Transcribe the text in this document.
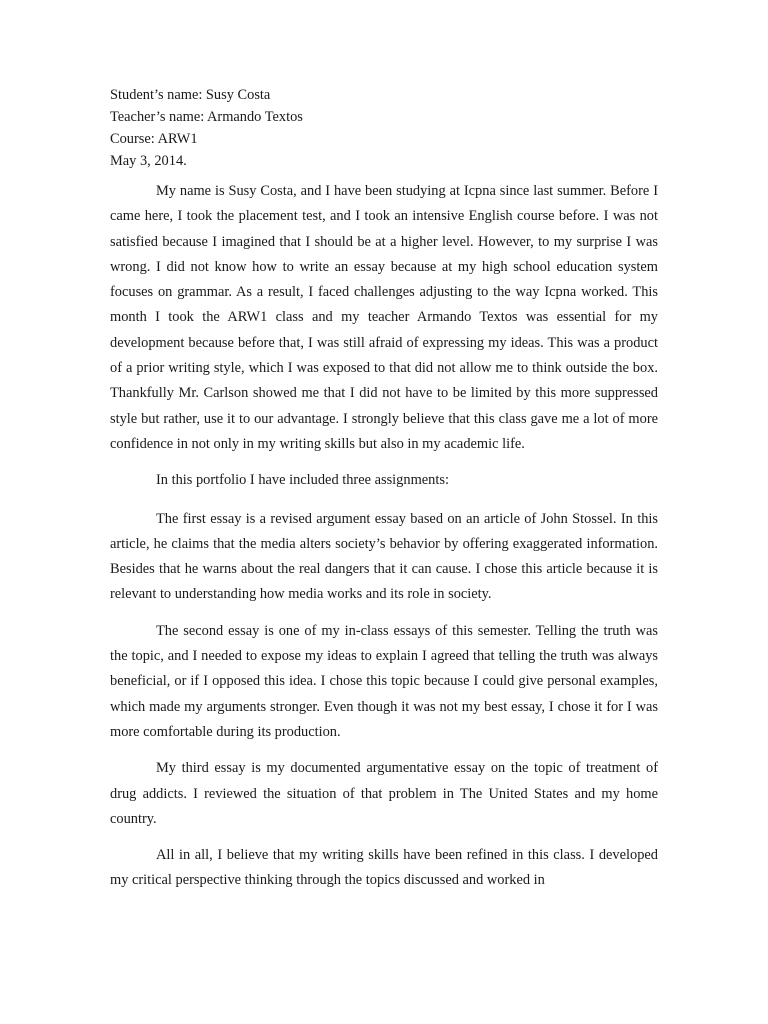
Student’s name: Susy Costa

Teacher’s name: Armando Textos

Course: ARW1

May 3, 2014.

My name is Susy Costa, and I have been studying at Icpna since last summer. Before I came here, I took the placement test, and I took an intensive English course before. I was not satisfied because I imagined that I should be at a higher level. However, to my surprise I was wrong. I did not know how to write an essay because at my high school education system focuses on grammar. As a result, I faced challenges adjusting to the way Icpna worked. This month I took the ARW1 class and my teacher Armando Textos was essential for my development because before that, I was still afraid of expressing my ideas. This was a product of a prior writing style, which I was exposed to that did not allow me to think outside the box. Thankfully Mr. Carlson showed me that I did not have to be limited by this more suppressed style but rather, use it to our advantage. I strongly believe that this class gave me a lot of more confidence in not only in my writing skills but also in my academic life.

In this portfolio I have included three assignments:

The first essay is a revised argument essay based on an article of John Stossel. In this article, he claims that the media alters society’s behavior by offering exaggerated information. Besides that he warns about the real dangers that it can cause. I chose this article because it is relevant to understanding how media works and its role in society.

The second essay is one of my in-class essays of this semester. Telling the truth was the topic, and I needed to expose my ideas to explain I agreed that telling the truth was always beneficial, or if I opposed this idea. I chose this topic because I could give personal examples, which made my arguments stronger. Even though it was not my best essay, I chose it for I was more comfortable during its production.

My third essay is my documented argumentative essay on the topic of treatment of drug addicts. I reviewed the situation of that problem in The United States and my home country.

All in all, I believe that my writing skills have been refined in this class. I developed my critical perspective thinking through the topics discussed and worked in
